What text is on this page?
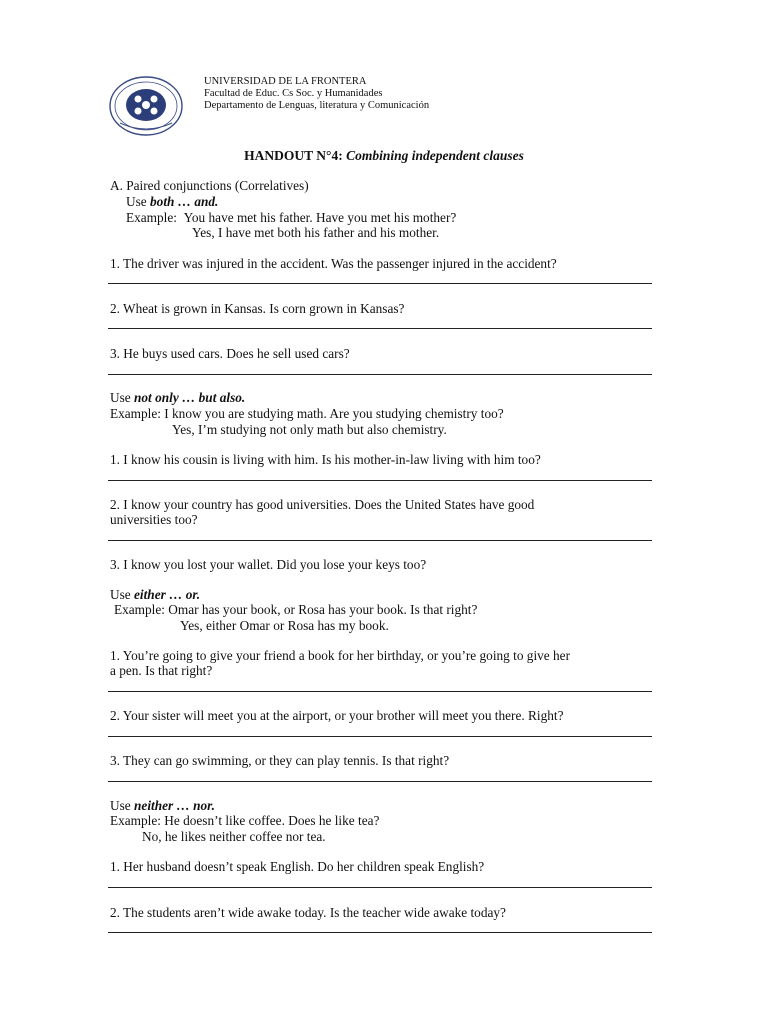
UNIVERSIDAD DE LA FRONTERA
Facultad de Educ. Cs Soc. y Humanidades
Departamento de Lenguas, literatura y Comunicación
HANDOUT N°4: Combining independent clauses
A. Paired conjunctions (Correlatives)
Use both … and.
Example: You have met his father. Have you met his mother?
Yes, I have met both his father and his mother.
1. The driver was injured in the accident. Was the passenger injured in the accident?
2. Wheat is grown in Kansas. Is corn grown in Kansas?
3. He buys used cars. Does he sell used cars?
Use not only … but also.
Example: I know you are studying math. Are you studying chemistry too?
Yes, I’m studying not only math but also chemistry.
1. I know his cousin is living with him. Is his mother-in-law living with him too?
2. I know your country has good universities. Does the United States have good
universities too?
3. I know you lost your wallet. Did you lose your keys too?
Use either … or.
Example: Omar has your book, or Rosa has your book. Is that right?
Yes, either Omar or Rosa has my book.
1. You’re going to give your friend a book for her birthday, or you’re going to give her
a pen. Is that right?
2. Your sister will meet you at the airport, or your brother will meet you there. Right?
3. They can go swimming, or they can play tennis. Is that right?
Use neither … nor.
Example: He doesn’t like coffee. Does he like tea?
No, he likes neither coffee nor tea.
1. Her husband doesn’t speak English. Do her children speak English?
2. The students aren’t wide awake today. Is the teacher wide awake today?
